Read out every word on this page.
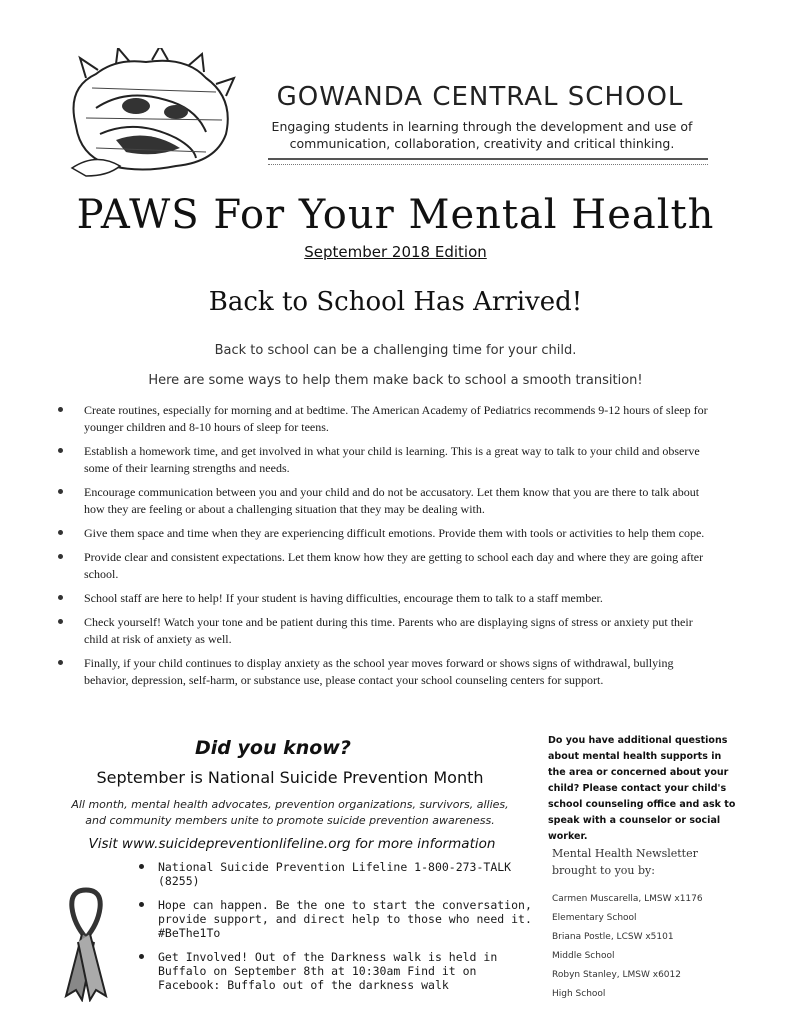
GOWANDA CENTRAL SCHOOL
Engaging students in learning through the development and use of
communication, collaboration, creativity and critical thinking.
PAWS For Your Mental Health
September 2018 Edition
Back to School Has Arrived!
Back to school can be a challenging time for your child.
Here are some ways to help them make back to school a smooth transition!
Create routines, especially for morning and at bedtime. The American Academy of Pediatrics recommends 9-12 hours of sleep for younger children and 8-10 hours of sleep for teens.
Establish a homework time, and get involved in what your child is learning. This is a great way to talk to your child and observe some of their learning strengths and needs.
Encourage communication between you and your child and do not be accusatory. Let them know that you are there to talk about how they are feeling or about a challenging situation that they may be dealing with.
Give them space and time when they are experiencing difficult emotions. Provide them with tools or activities to help them cope.
Provide clear and consistent expectations. Let them know how they are getting to school each day and where they are going after school.
School staff are here to help! If your student is having difficulties, encourage them to talk to a staff member.
Check yourself! Watch your tone and be patient during this time. Parents who are displaying signs of stress or anxiety put their child at risk of anxiety as well.
Finally, if your child continues to display anxiety as the school year moves forward or shows signs of withdrawal, bullying behavior, depression, self-harm, or substance use, please contact your school counseling centers for support.
Did you know?
September is National Suicide Prevention Month
All month, mental health advocates, prevention organizations, survivors, allies, and community members unite to promote suicide prevention awareness.
Visit www.suicidepreventionlifeline.org for more information
National Suicide Prevention Lifeline 1-800-273-TALK (8255)
Hope can happen. Be the one to start the conversation, provide support, and direct help to those who need it. #BeThe1To
Get Involved! Out of the Darkness walk is held in Buffalo on September 8th at 10:30am Find it on Facebook: Buffalo out of the darkness walk
Do you have additional questions about mental health supports in the area or concerned about your child? Please contact your child's school counseling office and ask to speak with a counselor or social worker.
Mental Health Newsletter
brought to you by:
Carmen Muscarella, LMSW x1176
Elementary School
Briana Postle, LCSW x5101
Middle School
Robyn Stanley, LMSW x6012
High School
